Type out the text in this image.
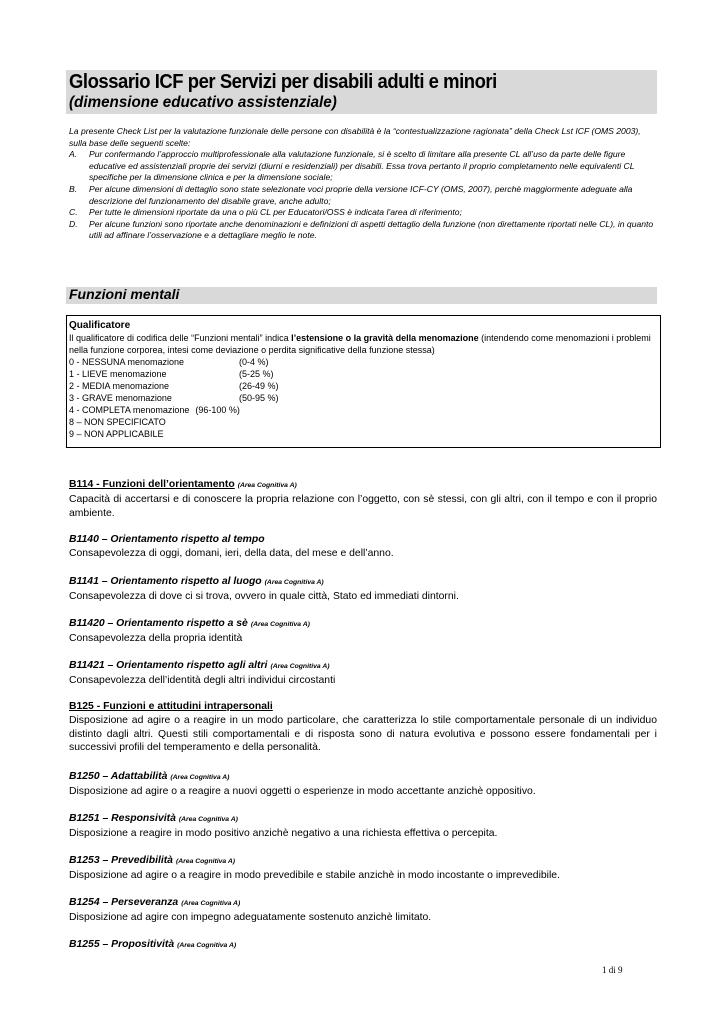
Glossario ICF per Servizi per disabili adulti e minori
(dimensione educativo assistenziale)

La presente Check List per la valutazione funzionale delle persone con disabilità è la “contestualizzazione ragionata” della Check Lst ICF (OMS 2003), sulla base delle seguenti scelte:

A.	Pur confermando l’approccio multiprofessionale alla valutazione funzionale, si è scelto di limitare alla presente CL all’uso da parte delle figure educative ed assistenziali proprie dei servizi (diurni e residenziali) per disabili. Essa trova pertanto il proprio completamento nelle equivalenti CL specifiche per la dimensione clinica e per la dimensione sociale;
B.	Per alcune dimensioni di dettaglio sono state selezionate voci proprie della versione ICF-CY (OMS, 2007), perchè maggiormente adeguate alla descrizione del funzionamento del disabile grave, anche adulto;
C.	Per tutte le dimensioni riportate da una o più CL per Educatori/OSS è indicata l’area di riferimento;
D.	Per alcune funzioni sono riportate anche denominazioni e definizioni di aspetti dettaglio della funzione (non direttamente riportati nelle CL), in quanto utili ad affinare l’osservazione e a dettagliare meglio le note.
Funzioni mentali
Qualificatore

Il qualificatore di codifica delle “Funzioni mentali” indica l’estensione o la gravità della menomazione (intendendo come menomazioni i problemi nella funzione corporea, intesi come deviazione o perdita significative della funzione stessa)

0 - NESSUNA menomazione	(0-4 %)
1 - LIEVE menomazione	(5-25 %)
2 - MEDIA menomazione	(26-49 %)
3 - GRAVE menomazione	(50-95 %)
4 - COMPLETA menomazione (96-100 %)
8 – NON SPECIFICATO
9 – NON APPLICABILE
B114 - Funzioni dell’orientamento (Area Cognitiva A)

Capacità di accertarsi e di conoscere la propria relazione con l’oggetto, con sè stessi, con gli altri, con il tempo e con il proprio ambiente.

B1140 – Orientamento rispetto al tempo

Consapevolezza di oggi, domani, ieri, della data, del mese e dell’anno.

B1141 – Orientamento rispetto al luogo (Area Cognitiva A)

Consapevolezza di dove ci si trova, ovvero in quale città, Stato ed immediati dintorni.

B11420 – Orientamento rispetto a sè (Area Cognitiva A)

Consapevolezza della propria identità

B11421 – Orientamento rispetto agli altri (Area Cognitiva A)

Consapevolezza dell’identità degli altri individui circostanti

B125 - Funzioni e attitudini intrapersonali

Disposizione ad agire o a reagire in un modo particolare, che caratterizza lo stile comportamentale personale di un individuo distinto dagli altri. Questi stili comportamentali e di risposta sono di natura evolutiva e possono essere fondamentali per i successivi profili del temperamento e della personalità.

B1250 – Adattabilità (Area Cognitiva A)

Disposizione ad agire o a reagire a nuovi oggetti o esperienze in modo accettante anzichè oppositivo.

B1251 – Responsività (Area Cognitiva A)

Disposizione a reagire in modo positivo anzichè negativo a una richiesta effettiva o percepita.

B1253 – Prevedibilità (Area Cognitiva A)

Disposizione ad agire o a reagire in modo prevedibile e stabile anzichè in modo incostante o imprevedibile.

B1254 – Perseveranza (Area Cognitiva A)

Disposizione ad agire con impegno adeguatamente sostenuto anzichè limitato.

B1255 – Propositività (Area Cognitiva A)
1 di 9
